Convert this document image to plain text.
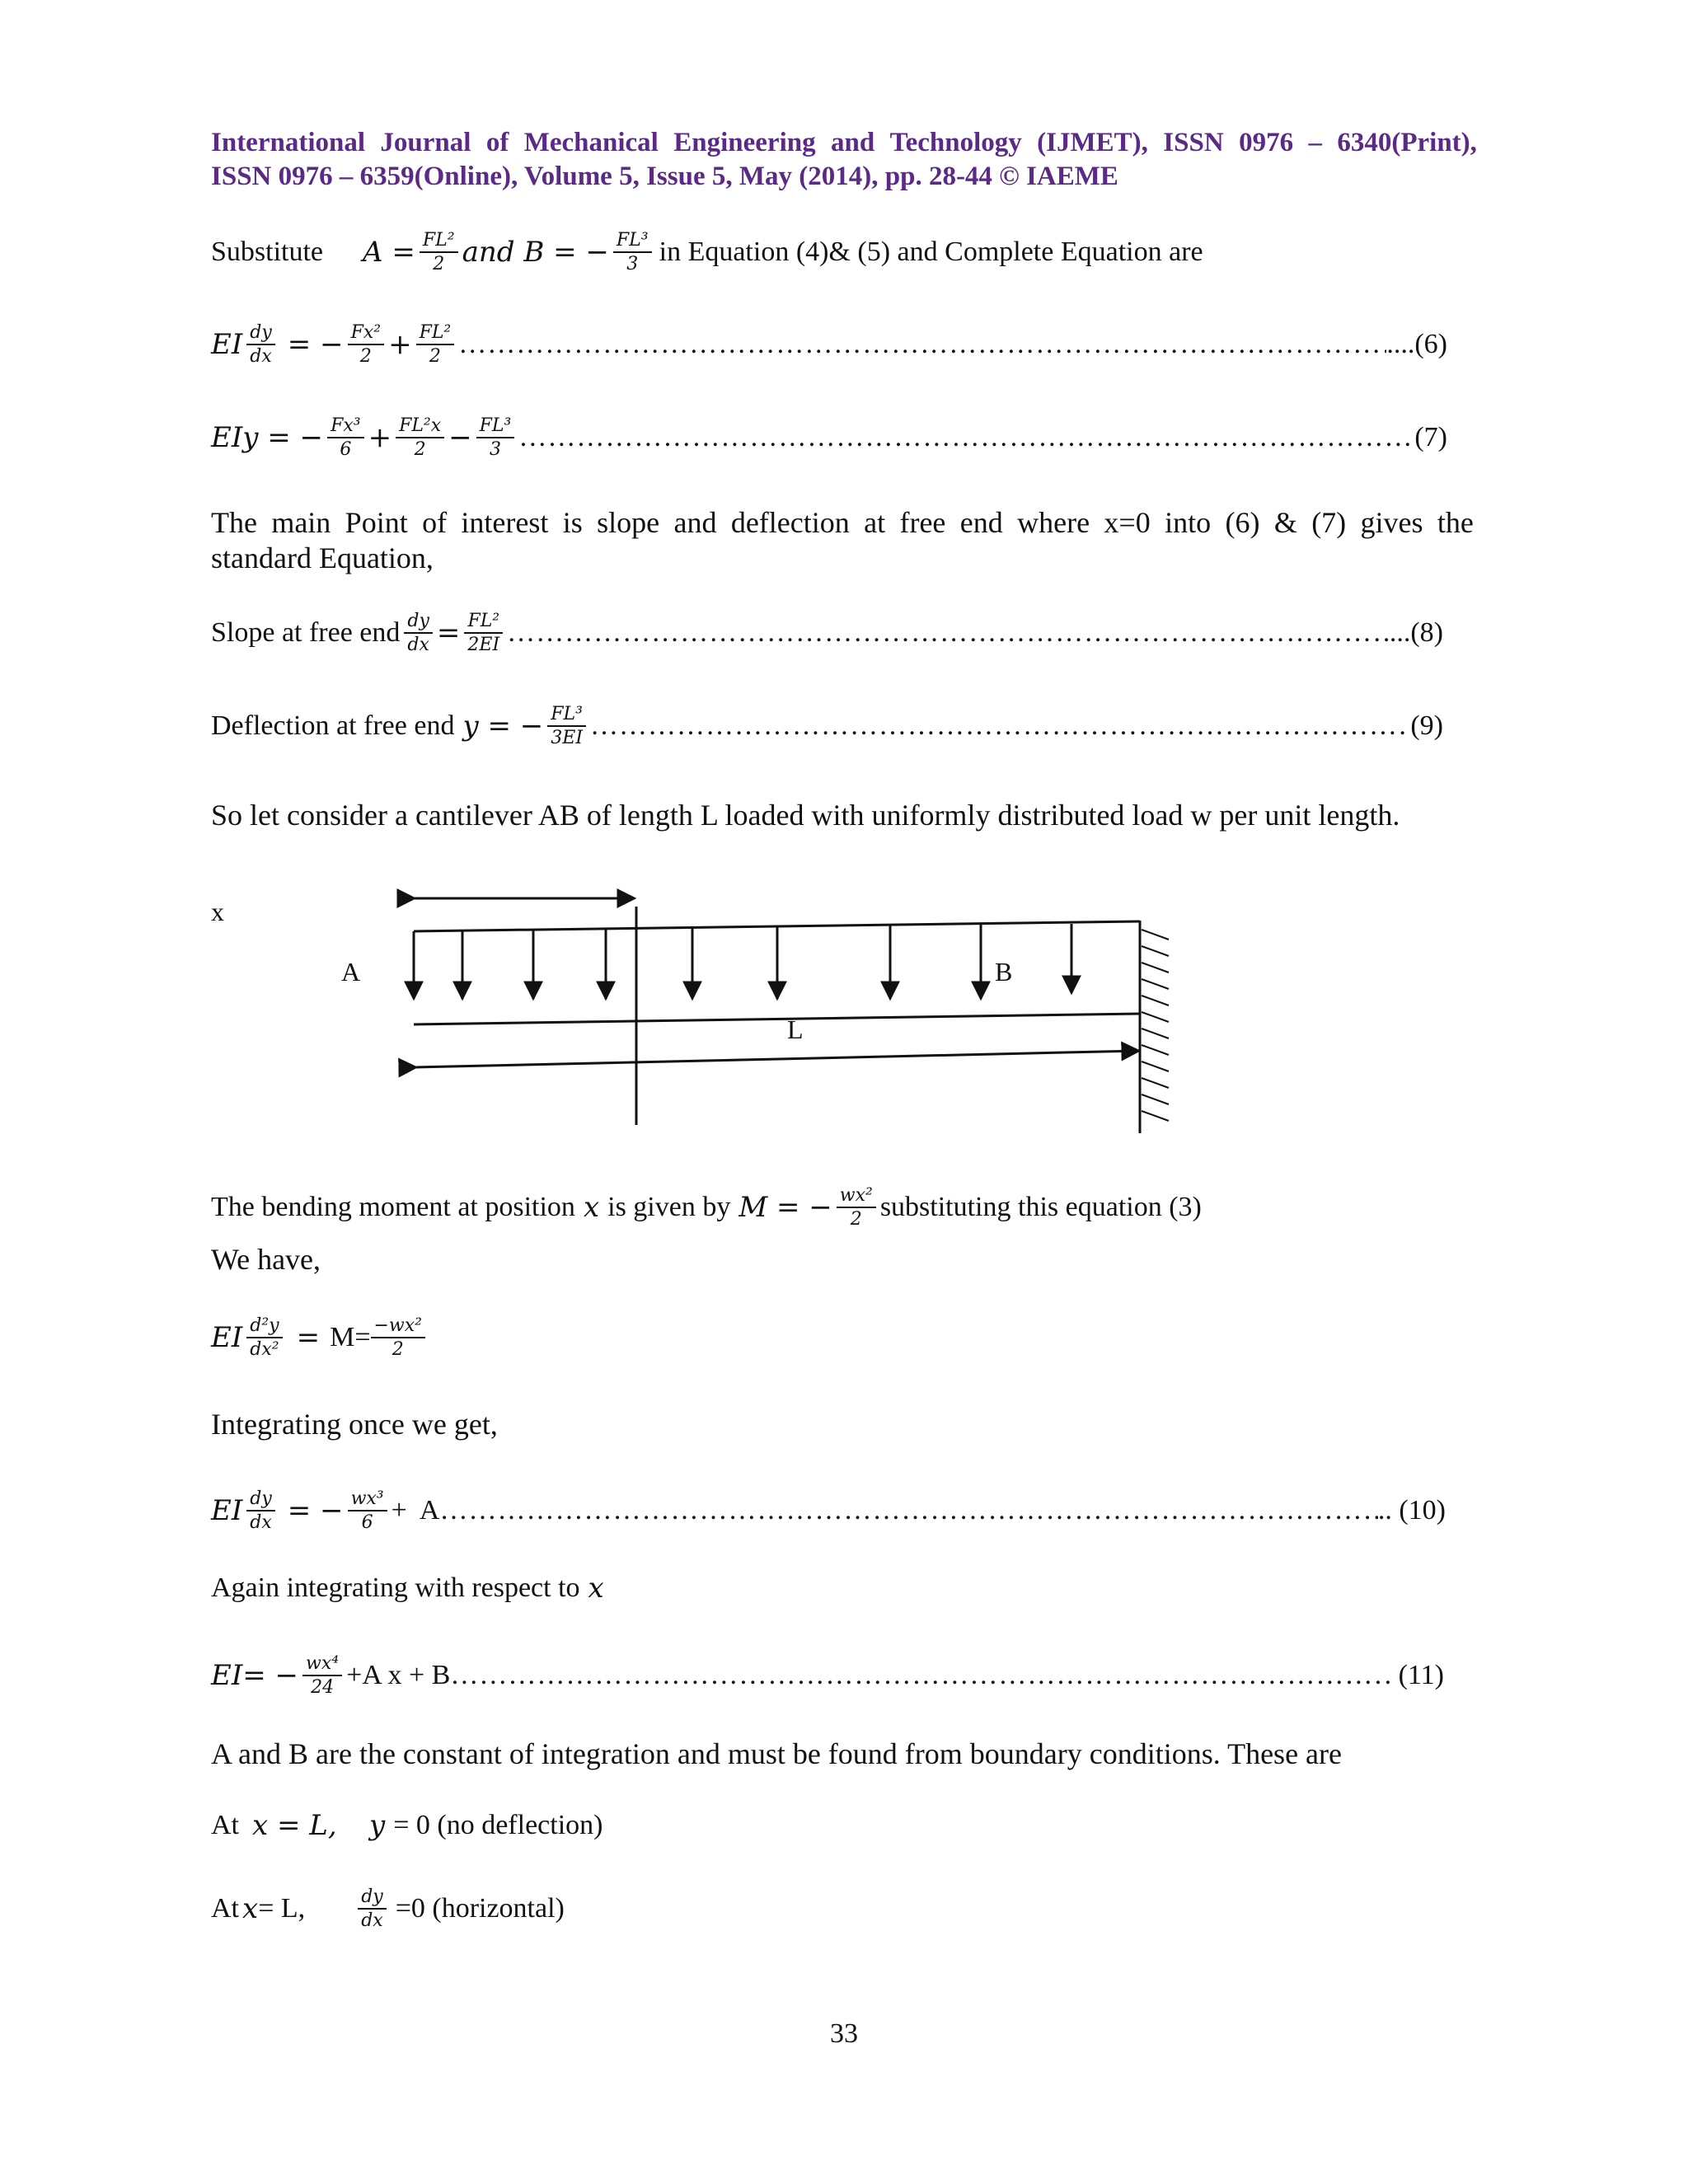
International Journal of Mechanical Engineering and Technology (IJMET), ISSN 0976 – 6340(Print),
ISSN 0976 – 6359(Online), Volume 5, Issue 5, May (2014), pp. 28-44 © IAEME
Substitute $A = \frac{\text{FL²}}{2}$ and B = − $\frac{\text{FL³}}{3}$ in Equation (4)& (5) and Complete Equation are
EI $\frac{dy}{dx}$ = − $\frac{\text{Fx²}}{2} + \frac{\text{FL²}}{2}$ ……………………………………………………………………………………………………………………………………………………………	....(6)
EIy = − $\frac{\text{Fx³}}{6} + \frac{\text{FL²x}}{2} - \frac{\text{FL³}}{3}$ ……………………………………………………………………………………………………………………………………………………………	(7)
The main Point of interest is slope and deflection at free end where x=0 into (6) & (7) gives the
standard Equation,
Slope at free end $\frac{dy}{dx} = \frac{\text{FL²}}{2EI}$ ……………………………………………………………………………………………………………………………………………………………	...(8)
Deflection at free end y = − $\frac{\text{FL³}}{3EI}$ ……………………………………………………………………………………………………………………………………………………………	(9)
So let consider a cantilever AB of length L loaded with uniformly distributed load w per unit length.
x
A	B
L
The bending moment at position x is given by M = − $\frac{\text{wx²}}{2}$ substituting this equation (3)
We have,
EI $\frac{\text{d²y}}{\text{dx²}} = M= \frac{\text{−wx²}}{2}$
Integrating once we get,
EI $\frac{dy}{dx}$ = − $\frac{\text{wx³}}{6} + A$ ……………………………………………………………………………………………………………………………………………………………	.. (10)
Again integrating with respect to x
$EI= - \frac{\text{wx⁴}}{24} +A$ x + B ……………………………………………………………………………………………………………………………………………………………	. (11)
A and B are the constant of integration and must be found from boundary conditions. These are
At x = L,	y = 0 (no deflection)
At x = L,	$\frac{dy}{dx} =0$ (horizontal)
33
